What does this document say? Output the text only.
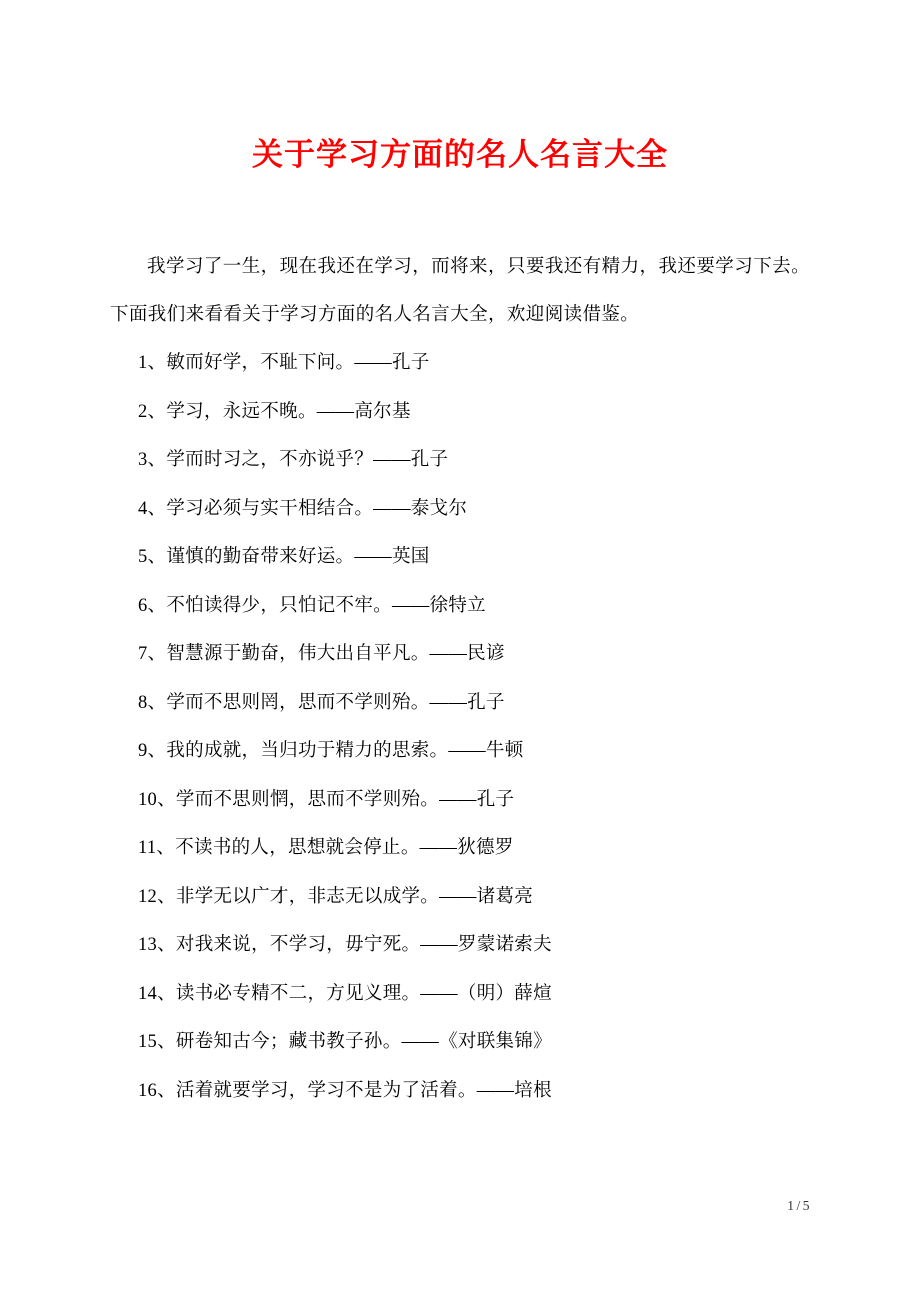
关于学习方面的名人名言大全

我学习了一生，现在我还在学习，而将来，只要我还有精力，我还要学习下去。下面我们来看看关于学习方面的名人名言大全，欢迎阅读借鉴。

1、敏而好学，不耻下问。——孔子
2、学习，永远不晚。——高尔基
3、学而时习之，不亦说乎？——孔子
4、学习必须与实干相结合。——泰戈尔
5、谨慎的勤奋带来好运。——英国
6、不怕读得少，只怕记不牢。——徐特立
7、智慧源于勤奋，伟大出自平凡。——民谚
8、学而不思则罔，思而不学则殆。——孔子
9、我的成就，当归功于精力的思索。——牛顿
10、学而不思则惘，思而不学则殆。——孔子
11、不读书的人，思想就会停止。——狄德罗
12、非学无以广才，非志无以成学。——诸葛亮
13、对我来说，不学习，毋宁死。——罗蒙诺索夫
14、读书必专精不二，方见义理。——（明）薛煊
15、研卷知古今；藏书教子孙。——《对联集锦》
16、活着就要学习，学习不是为了活着。——培根
1 / 5
